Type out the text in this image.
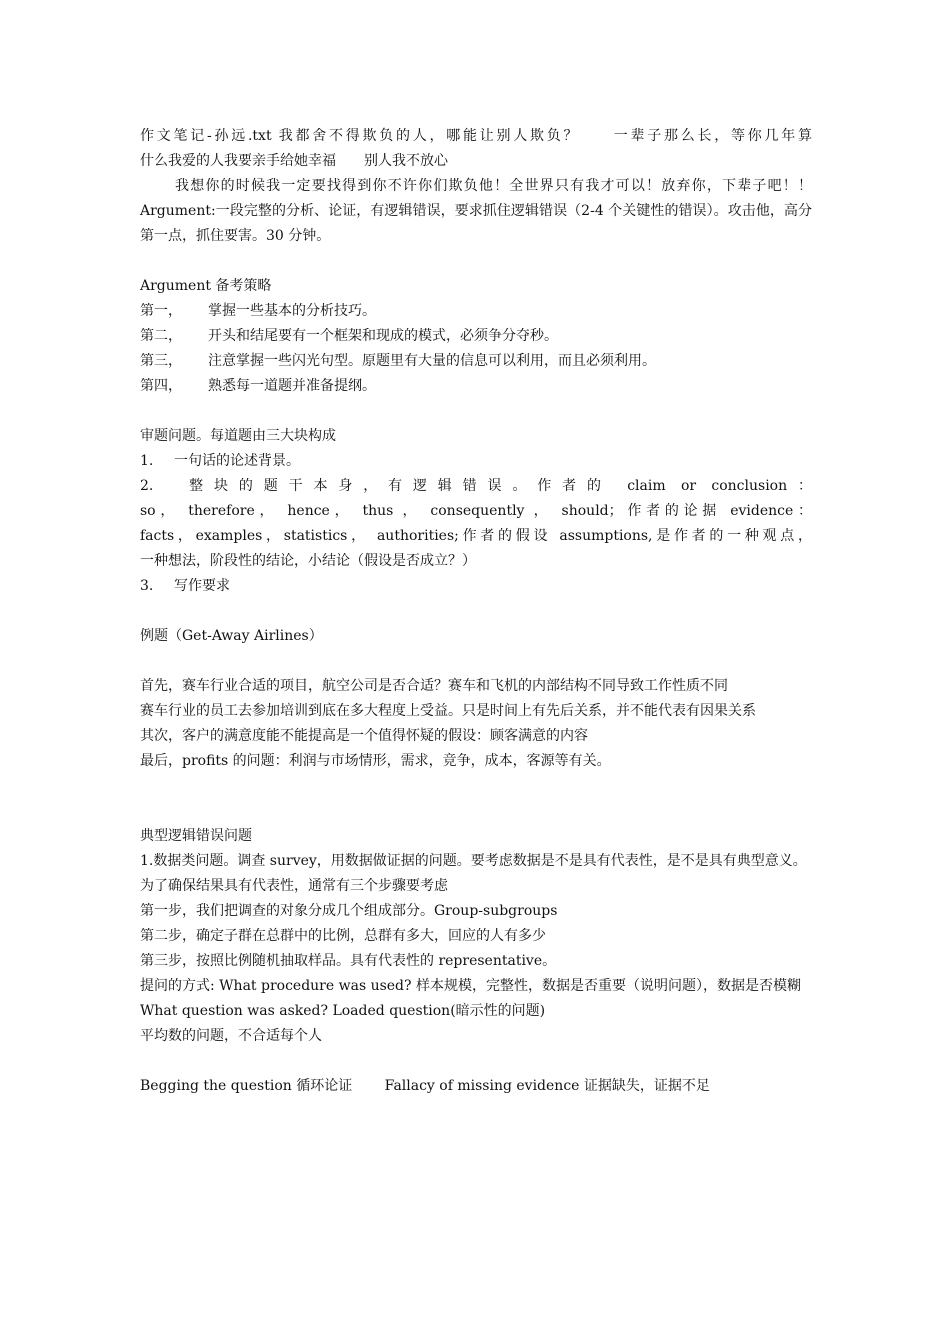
作文笔记-孙远.txt 我都舍不得欺负的人，哪能让别人欺负？　　一辈子那么长，等你几年算
什么我爱的人我要亲手给她幸福　　别人我不放心
我想你的时候我一定要找得到你不许你们欺负他！全世界只有我才可以！放弃你，下辈子吧！！Argument:一段完整的分析、论证，有逻辑错误，要求抓住逻辑错误（2-4 个关键性的错误）。攻击他，高分第一点，抓住要害。30 分钟。
Argument 备考策略
第一， 掌握一些基本的分析技巧。
第二， 开头和结尾要有一个框架和现成的模式，必须争分夺秒。
第三， 注意掌握一些闪光句型。原题里有大量的信息可以利用，而且必须利用。
第四， 熟悉每一道题并准备提纲。
审题问题。每道题由三大块构成
1. 一句话的论述背景。
2.　整块的题干本身，有逻辑错误。作者的 claim or conclusion：
so， therefore， hence， thus ， consequently ， should；作者的论据 evidence：
facts，examples，statistics， authorities;作者的假设 assumptions,是作者的一种观点，
一种想法，阶段性的结论，小结论（假设是否成立？）
3. 写作要求
例题（Get-Away Airlines）
首先，赛车行业合适的项目，航空公司是否合适？赛车和飞机的内部结构不同导致工作性质不同
赛车行业的员工去参加培训到底在多大程度上受益。只是时间上有先后关系，并不能代表有因果关系
其次，客户的满意度能不能提高是一个值得怀疑的假设：顾客满意的内容
最后，profits 的问题：利润与市场情形，需求，竞争，成本，客源等有关。
典型逻辑错误问题
1.数据类问题。调查 survey，用数据做证据的问题。要考虑数据是不是具有代表性，是不是具有典型意义。
为了确保结果具有代表性，通常有三个步骤要考虑
第一步，我们把调查的对象分成几个组成部分。Group-subgroups
第二步，确定子群在总群中的比例，总群有多大，回应的人有多少
第三步，按照比例随机抽取样品。具有代表性的 representative。
提问的方式: What procedure was used? 样本规模，完整性，数据是否重要（说明问题），数据是否模糊
What question was asked? Loaded question(暗示性的问题)
平均数的问题，不合适每个人
Begging the question 循环论证　　 Fallacy of missing evidence 证据缺失，证据不足
